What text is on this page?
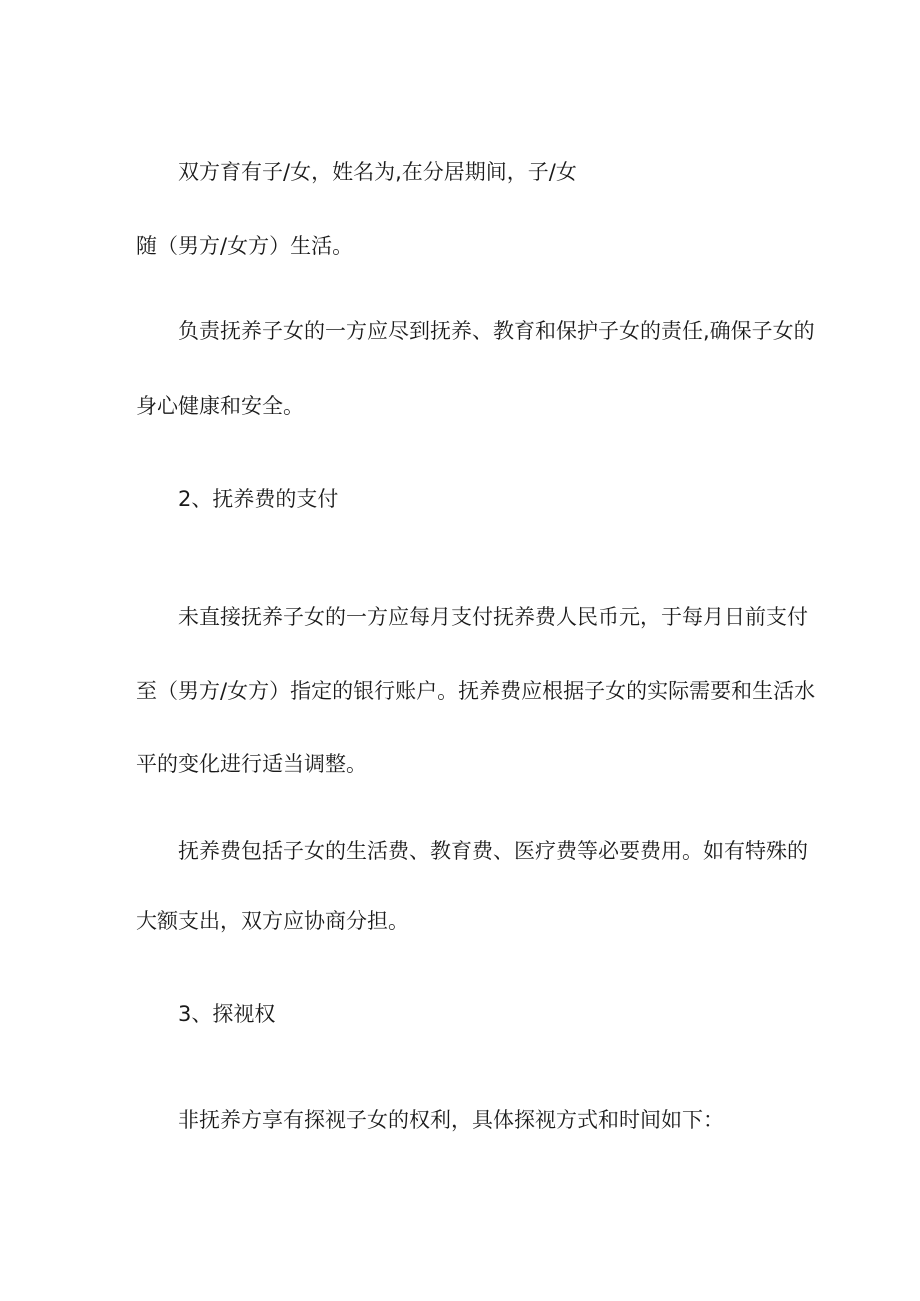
双方育有子/女，姓名为,在分居期间，子/女
随（男方/女方）生活。
负责抚养子女的一方应尽到抚养、教育和保护子女的责任,确保子女的
身心健康和安全。
2、抚养费的支付
未直接抚养子女的一方应每月支付抚养费人民币元，于每月日前支付
至（男方/女方）指定的银行账户。抚养费应根据子女的实际需要和生活水
平的变化进行适当调整。
抚养费包括子女的生活费、教育费、医疗费等必要费用。如有特殊的
大额支出，双方应协商分担。
3、探视权
非抚养方享有探视子女的权利，具体探视方式和时间如下：
